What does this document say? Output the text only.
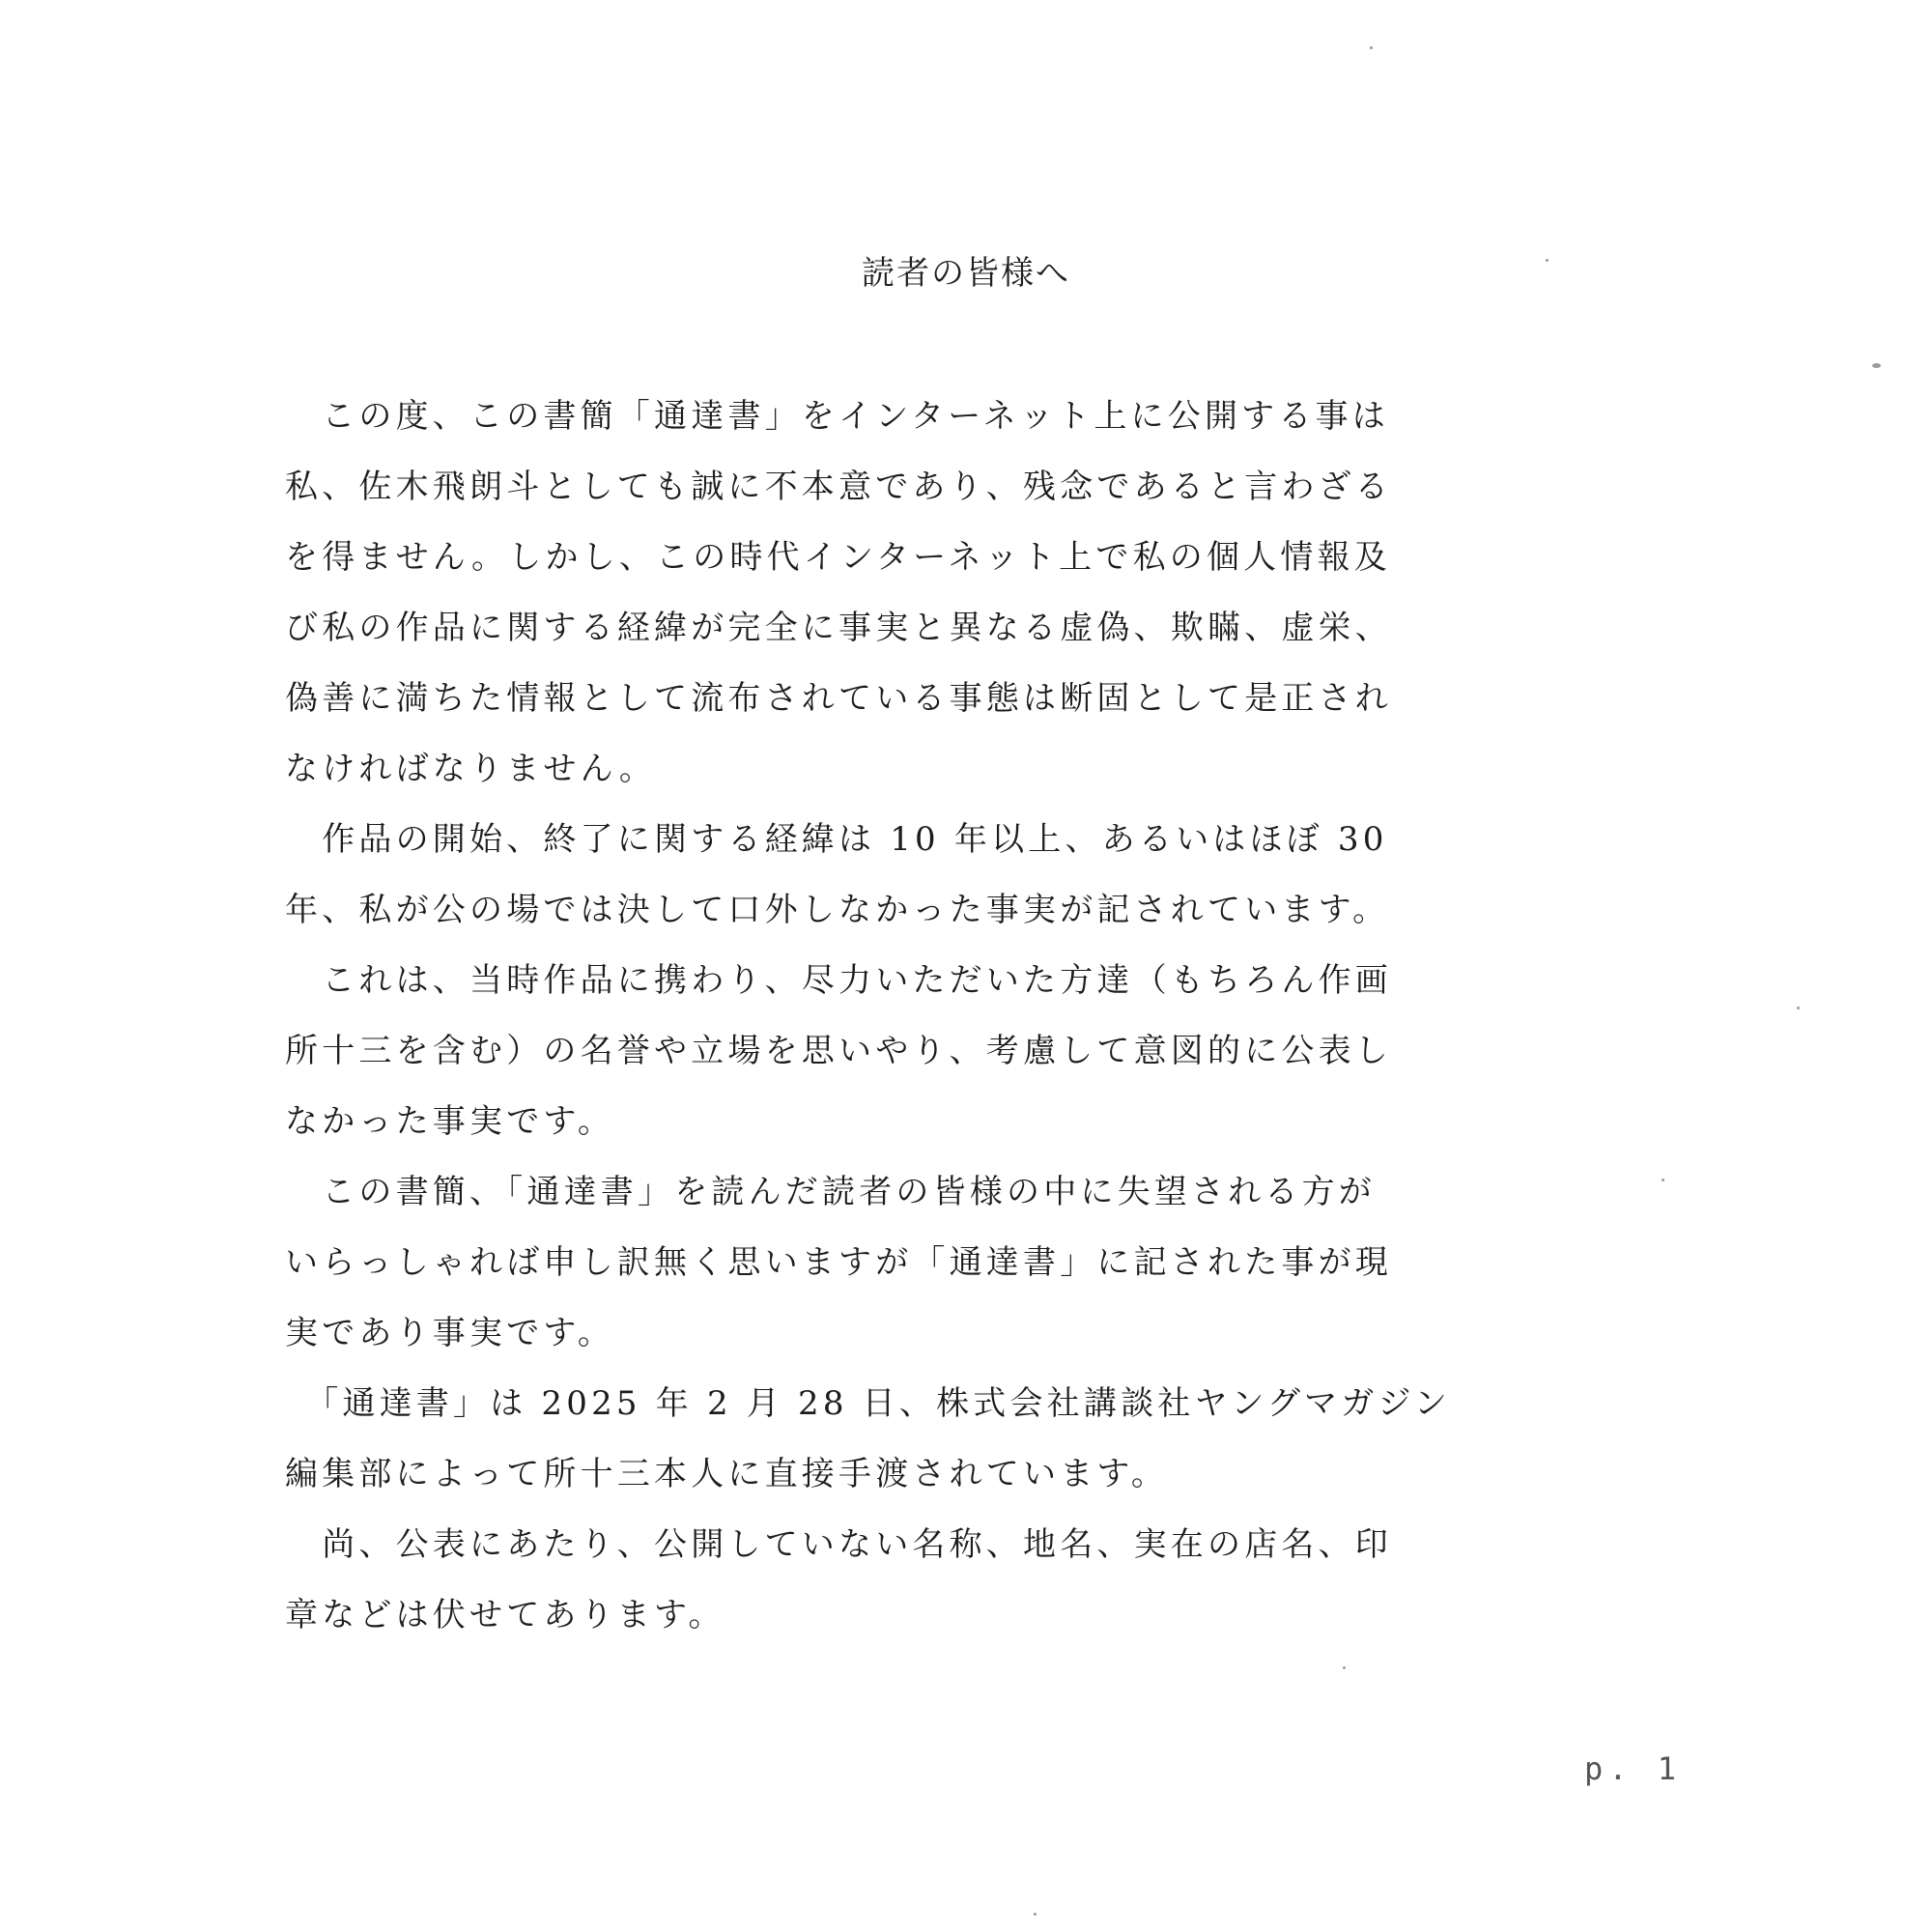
読者の皆様へ
　この度、この書簡「通達書」をインターネット上に公開する事は
私、佐木飛朗斗としても誠に不本意であり、残念であると言わざる
を得ません。しかし、この時代インターネット上で私の個人情報及
び私の作品に関する経緯が完全に事実と異なる虚偽、欺瞞、虚栄、
偽善に満ちた情報として流布されている事態は断固として是正され
なければなりません。
　作品の開始、終了に関する経緯は 10 年以上、あるいはほぼ 30
年、私が公の場では決して口外しなかった事実が記されています。
　これは、当時作品に携わり、尽力いただいた方達（もちろん作画
所十三を含む）の名誉や立場を思いやり、考慮して意図的に公表し
なかった事実です。
　この書簡、「通達書」を読んだ読者の皆様の中に失望される方が
いらっしゃれば申し訳無く思いますが「通達書」に記された事が現
実であり事実です。
　「通達書」は 2025 年 2 月 28 日、株式会社講談社ヤングマガジン
編集部によって所十三本人に直接手渡されています。
　尚、公表にあたり、公開していない名称、地名、実在の店名、印
章などは伏せてあります。
p. 1
